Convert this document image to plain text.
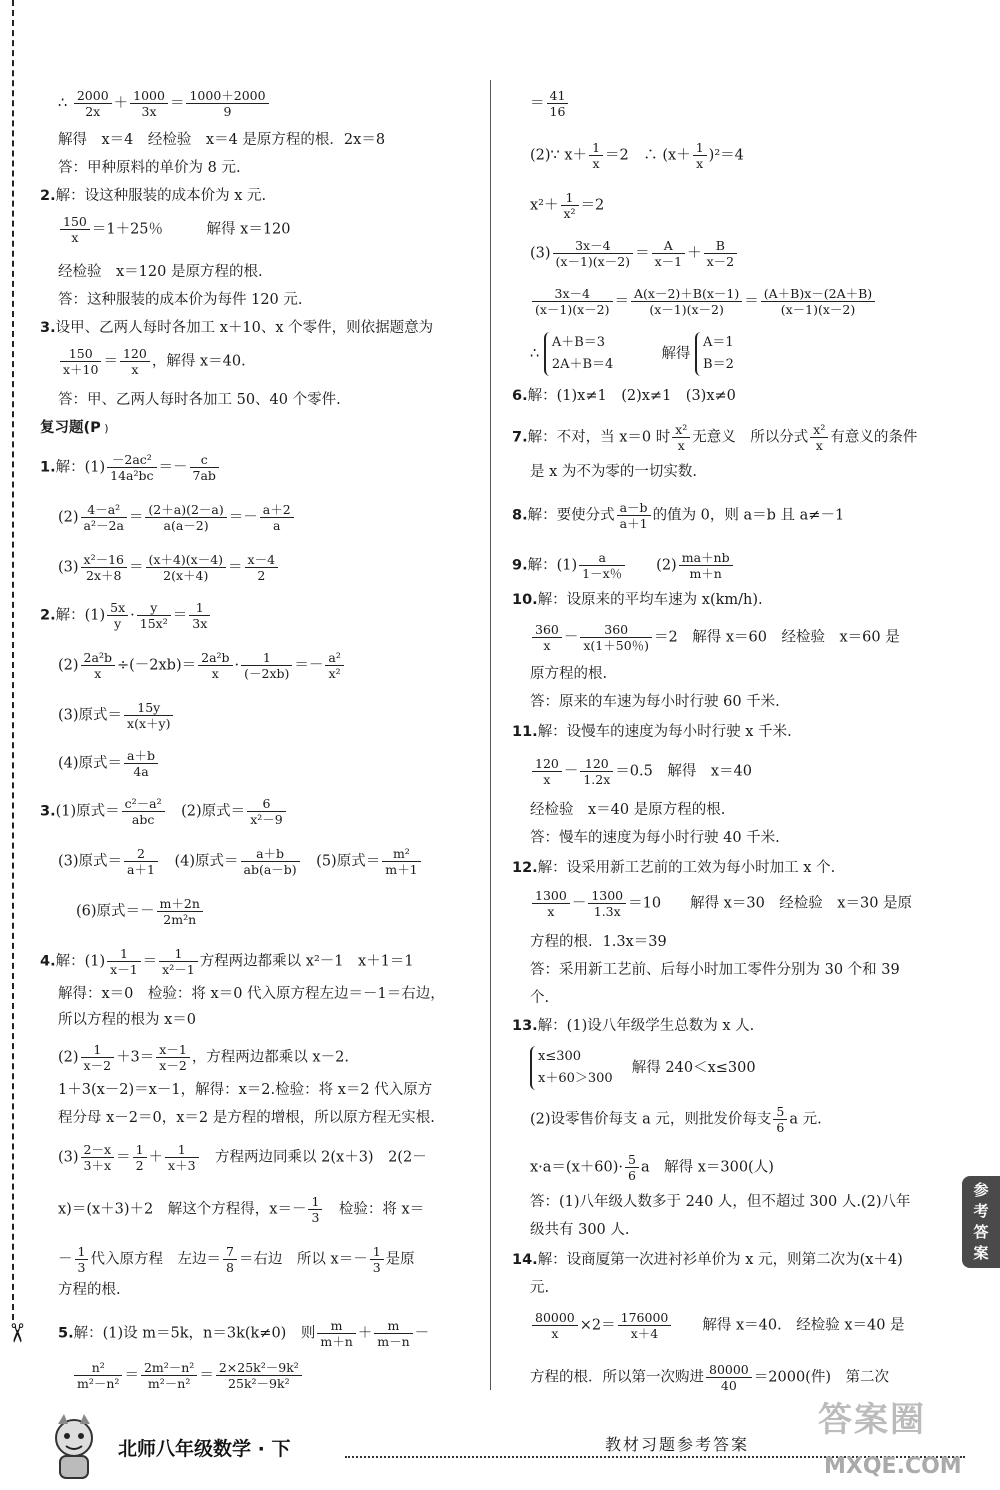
✂
∴ $\frac{2000}{2x} + \frac{1000}{3x} = \frac{1000+2000}{9}$
解得　x＝4　经检验　x＝4 是原方程的根．2x＝8
答：甲种原料的单价为 8 元.
2.解：设这种服装的成本价为 x 元.
$\frac{150}{x} =1+25$％　　　解得 x＝120
经检验　x＝120 是原方程的根.
答：这种服装的成本价为每件 120 元.
3.设甲、乙两人每时各加工 x＋10、x 个零件，则依据题意为
$\frac{150}{x+10} = \frac{120}{x}$ ，解得 x＝40.
答：甲、乙两人每时各加工 50、40 个零件.
复习题(P )
1.解：$(1) \frac{\text{－2ac²}}{\text{14a²bc}} =- \frac{c}{7ab}$
$(2) \frac{\text{4－a²}}{\text{a²－2a}} = \frac{(2+a)(2-a)}{a(a-2)} =- \frac{a+2}{a}$
$(3) \frac{\text{x²－16}}{2x+8} = \frac{(x+4)(x-4)}{2(x+4)} = \frac{x-4}{2}$
2.解：$(1) \frac{5x}{y} \cdot \frac{y}{\text{15x²}} = \frac{1}{3x}$
$(2) \frac{\text{2a²b}}{x} \div(-2xb)= \frac{\text{2a²b}}{x} \cdot \frac{1}{(-2xb)} =- \frac{\text{a²}}{\text{x²}}$
(3)原式＝ $\frac{15y}{x(x+y)}$
(4)原式＝ $\frac{a+b}{4a}$
3.(1)原式＝ $\frac{\text{c²－a²}}{\text{abc}}$
　 (2)原式＝ $\frac{6}{\text{x²－9}}$
(3)原式＝ $\frac{2}{a+1}$
　 (4)原式＝ $\frac{a+b}{ab(a-b)}$
　 (5)原式＝ $\frac{\text{m²}}{m+1}$
(6)原式＝－ $\frac{m+2n}{\text{2m²n}}$
4.解：$(1) \frac{1}{x-1} = \frac{1}{\text{x²－1}}$ 方程两边都乘以 x²－1　x＋1＝1
解得：x＝0　检验：将 x＝0 代入原方程左边＝－1＝右边，
所以方程的根为 x＝0
$(2) \frac{1}{x-2} +3= \frac{x-1}{x-2}$ ，方程两边都乘以 x－2.
1＋3(x－2)＝x－1，解得：x＝2.检验：将 x＝2 代入原方
程分母 x－2＝0，x＝2 是方程的增根，所以原方程无实根.
$(3) \frac{2-x}{3+x} = \frac{1}{2} + \frac{1}{x+3}$
　 方程两边同乘以 2(x＋3)　2(2－
x)＝(x＋3)＋2　解这个方程得，$x=- \frac{1}{3}$
　 检验：将 x＝
－ $\frac{1}{3}$ 代入原方程　左边＝ $\frac{7}{8}$ ＝右边　所以 $x=- \frac{1}{3}$ 是原
方程的根.
5.解：(1)设 m＝5k，n＝3k(k≠0)　则 $\frac{m}{m+n} + \frac{m}{m-n}$ －
$\frac{\text{n²}}{\text{m²－n²}} = \frac{\text{2m²－n²}}{\text{m²－n²}} = \frac{\text{2×25k²－9k²}}{\text{25k²－9k²}}$
＝ $\frac{41}{16}$
(2)∵ $x+ \frac{1}{x} =2$　∴ $(x+ \frac{1}{x} )^2=4$
$x^2+ \frac{1}{\text{x²}} =2$
$(3) \frac{3x-4}{(x-1)(x-2)} = \frac{A}{x-1} + \frac{B}{x-2}$
$\frac{3x-4}{(x-1)(x-2)} = \frac{A(x-2)+B(x-1)}{(x-1)(x-2)} = \frac{(A+B)x-(2A+B)}{(x-1)(x-2)}$
∴ A＋B＝3
2A＋B＝4 　　　解得 A＝1
B＝2
6.解：(1)x≠1　(2)x≠1　(3)x≠0
7.解：不对，当 x＝0 时 $\frac{\text{x²}}{x}$ 无意义　所以分式 $\frac{\text{x²}}{x}$ 有意义的条件
是 x 为不为零的一切实数.
8.解：要使分式 $\frac{a-b}{a+1}$ 的值为 0，则 a＝b 且 a≠－1
9.解：$(1) \frac{a}{1-x\%}$
　　 $(2) \frac{ma+nb}{m+n}$
10.解：设原来的平均车速为 x(km/h).
$\frac{360}{x} - \frac{360}{x(1+50\%)} =2$　解得 x＝60　经检验　x＝60 是
原方程的根.
答：原来的车速为每小时行驶 60 千米.
11.解：设慢车的速度为每小时行驶 x 千米.
$\frac{120}{x} - \frac{120}{1.2x} =0.5$　解得　x＝40
经检验　x＝40 是原方程的根.
答：慢车的速度为每小时行驶 40 千米.
12.解：设采用新工艺前的工效为每小时加工 x 个.
$\frac{1300}{x} - \frac{1300}{1.3x} =10$　　解得 x＝30　经检验　x＝30 是原
方程的根．1.3x＝39
答：采用新工艺前、后每小时加工零件分别为 30 个和 39
个.
13.解：(1)设八年级学生总数为 x 人.
x≤300
x＋60＞300 　解得 240＜x≤300
(2)设零售价每支 a 元，则批发价每支 $\frac{5}{6}$ a 元.
$x\cdot a=(x+60)\cdot \frac{5}{6}$ a　解得 x＝300(人)
答：(1)八年级人数多于 240 人，但不超过 300 人.(2)八年
级共有 300 人.
14.解：设商厦第一次进衬衫单价为 x 元，则第二次为(x＋4)
元.
$\frac{80000}{x} \times 2= \frac{176000}{x+4}$
　　 解得 x＝40.　经检验 x＝40 是
方程的根．所以第一次购进 $\frac{80000}{40} =2000$(件)　第二次
参
考
答
案
北师八年级数学 · 下	教材习题参考答案
答案圈
MXQE.COM
